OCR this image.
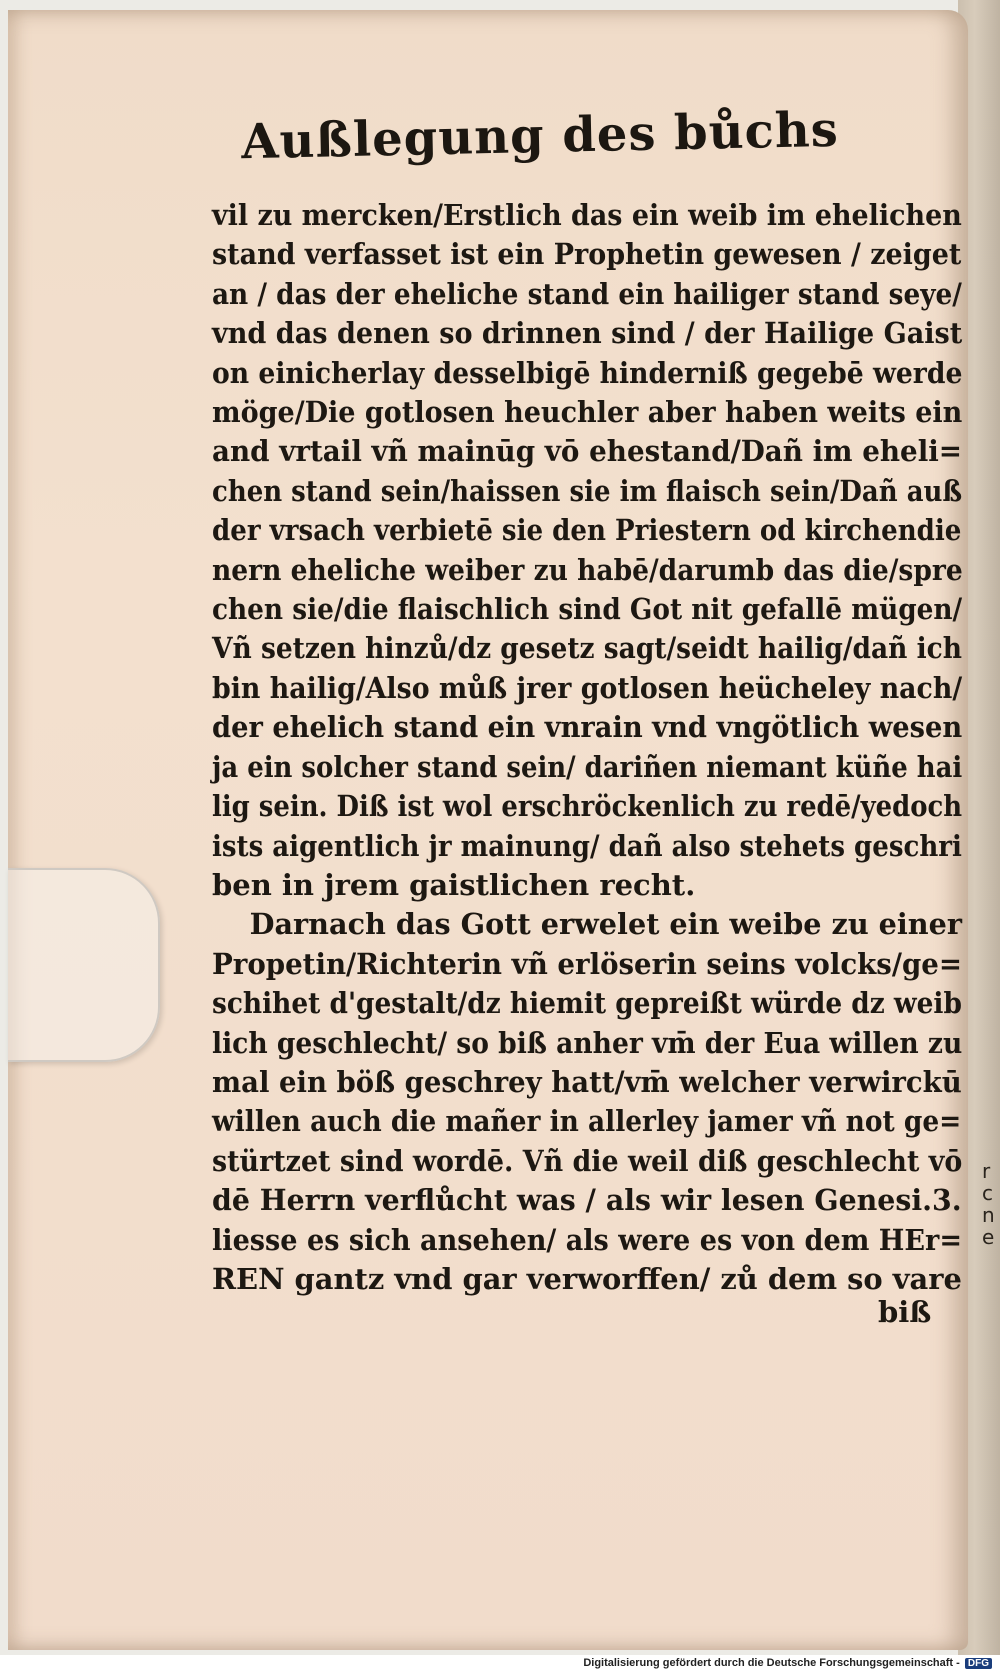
r c n e
Außlegung des bůchs
vil zu mercken/Erstlich das ein weib im ehelichen
stand verfasset ist ein Prophetin gewesen / zeiget
an / das der eheliche stand ein hailiger stand seye/
vnd das denen so drinnen sind / der Hailige Gaist
on einicherlay desselbigē hinderniß gegebē werde
möge/Die gotlosen heuchler aber haben weits ein
and vrtail vñ mainūg vō ehestand/Dañ im eheli=
chen stand sein/haissen sie im flaisch sein/Dañ auß
der vrsach verbietē sie den Priestern od kirchendie
nern eheliche weiber zu habē/darumb das die/spre
chen sie/die flaischlich sind Got nit gefallē mügen/
Vñ setzen hinzů/dz gesetz sagt/seidt hailig/dañ ich
bin hailig/Also můß jrer gotlosen heücheley nach/
der ehelich stand ein vnrain vnd vngötlich wesen
ja ein solcher stand sein/ dariñen niemant küñe hai
lig sein. Diß ist wol erschröckenlich zu redē/yedoch
ists aigentlich jr mainung/ dañ also stehets geschri
ben in jrem gaistlichen recht.
Darnach das Gott erwelet ein weibe zu einer
Propetin/Richterin vñ erlöserin seins volcks/ge=
schihet d'gestalt/dz hiemit gepreißt würde dz weib
lich geschlecht/ so biß anher vm̄ der Eua willen zu
mal ein böß geschrey hatt/vm̄ welcher verwirckū
willen auch die mañer in allerley jamer vñ not ge=
stürtzet sind wordē. Vñ die weil diß geschlecht vō
dē Herrn verflůcht was / als wir lesen Genesi.3.
liesse es sich ansehen/ als were es von dem HEr=
REN gantz vnd gar verworffen/ zů dem so vare
biß
Digitalisierung gefördert durch die Deutsche Forschungsgemeinschaft - DFG
